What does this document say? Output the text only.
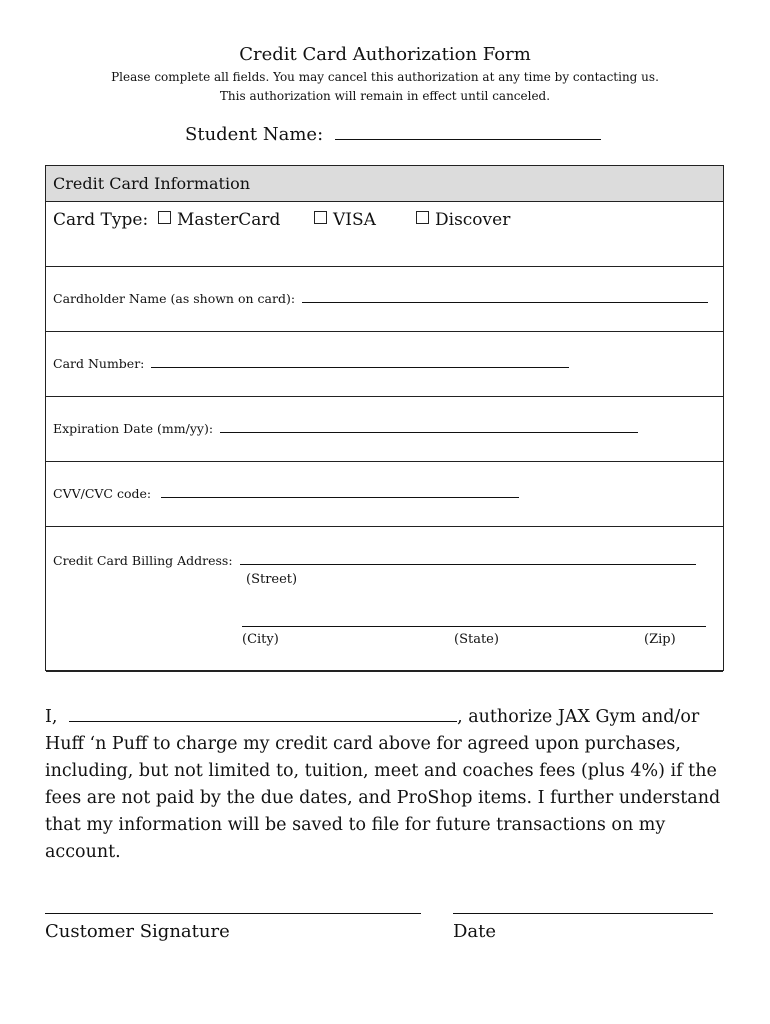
Credit Card Authorization Form
Please complete all fields. You may cancel this authorization at any time by contacting us.
This authorization will remain in effect until canceled.
Student Name:
Credit Card Information
Card Type:	MasterCard	VISA	Discover
Cardholder Name (as shown on card):
Card Number:
Expiration Date (mm/yy):
CVV/CVC code:
Credit Card Billing Address:
(Street)
(City)	(State)	(Zip)
I,	, authorize JAX Gym and/or Huff ‘n Puff to charge my credit card above for agreed upon purchases, including, but not limited to, tuition, meet and coaches fees (plus 4%) if the fees are not paid by the due dates, and ProShop items. I further understand that my information will be saved to file for future transactions on my account.
Customer Signature	Date
